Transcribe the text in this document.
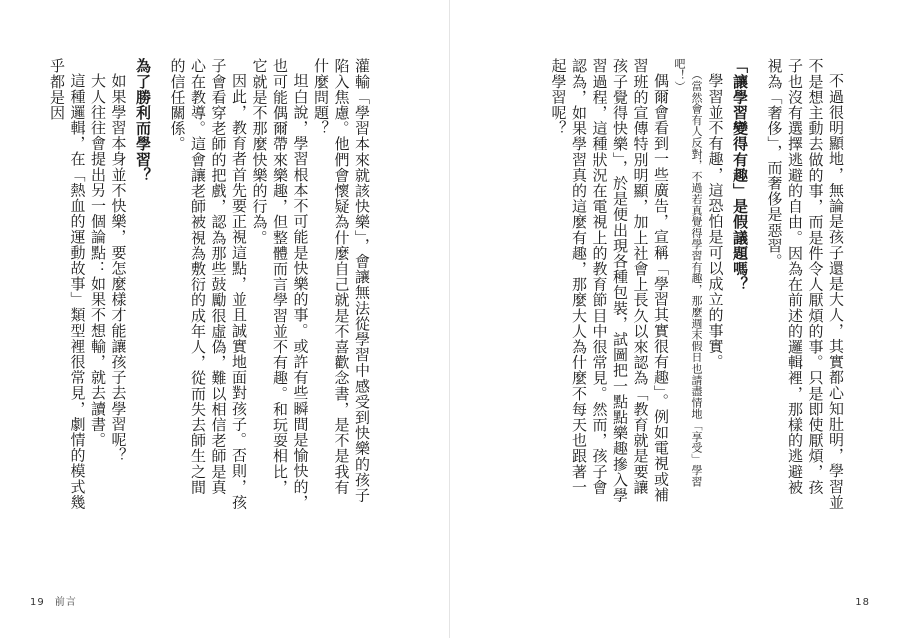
灌輸「學習本來就該快樂」，會讓無法從學習中感受到快樂的孩子陷入焦慮。他們會懷疑為什麼自己就是不喜歡念書，是不是我有什麼問題？

坦白說，學習根本不可能是快樂的事。或許有些瞬間是愉快的，也可能偶爾帶來樂趣，但整體而言學習並不有趣。和玩耍相比，它就是不那麼快樂的行為。

因此，教育者首先要正視這點，並且誠實地面對孩子。否則，孩子會看穿老師的把戲，認為那些鼓勵很虛偽，難以相信老師是真心在教導。這會讓老師被視為敷衍的成年人，從而失去師生之間的信任關係。

為了勝利而學習？

如果學習本身並不快樂，要怎麼樣才能讓孩子去學習呢？

大人往往會提出另一個論點：如果不想輸，就去讀書。

這種邏輯，在「熱血的運動故事」類型裡很常見，劇情的模式幾乎都是因

19 前言

不過很明顯地，無論是孩子還是大人，其實都心知肚明，學習並不是想主動去做的事，而是件令人厭煩的事。只是即使厭煩，孩子也沒有選擇逃避的自由。因為在前述的邏輯裡，那樣的逃避被視為「奢侈」，而奢侈是惡習。

「讓學習變得有趣」是假議題嗎？

學習並不有趣，這恐怕是可以成立的事實。

（當然會有人反對，不過若真覺得學習有趣，那麼週末假日也請盡情地「享受」學習吧！）

偶爾會看到一些廣告，宣稱「學習其實很有趣」。例如電視或補習班的宣傳特別明顯，加上社會上長久以來認為「教育就是要讓孩子覺得快樂」，於是便出現各種包裝，試圖把一點點樂趣摻入學習過程，這種狀況在電視上的教育節目中很常見。然而，孩子會認為，如果學習真的這麼有趣，那麼大人為什麼不每天也跟著一起學習呢？

18
